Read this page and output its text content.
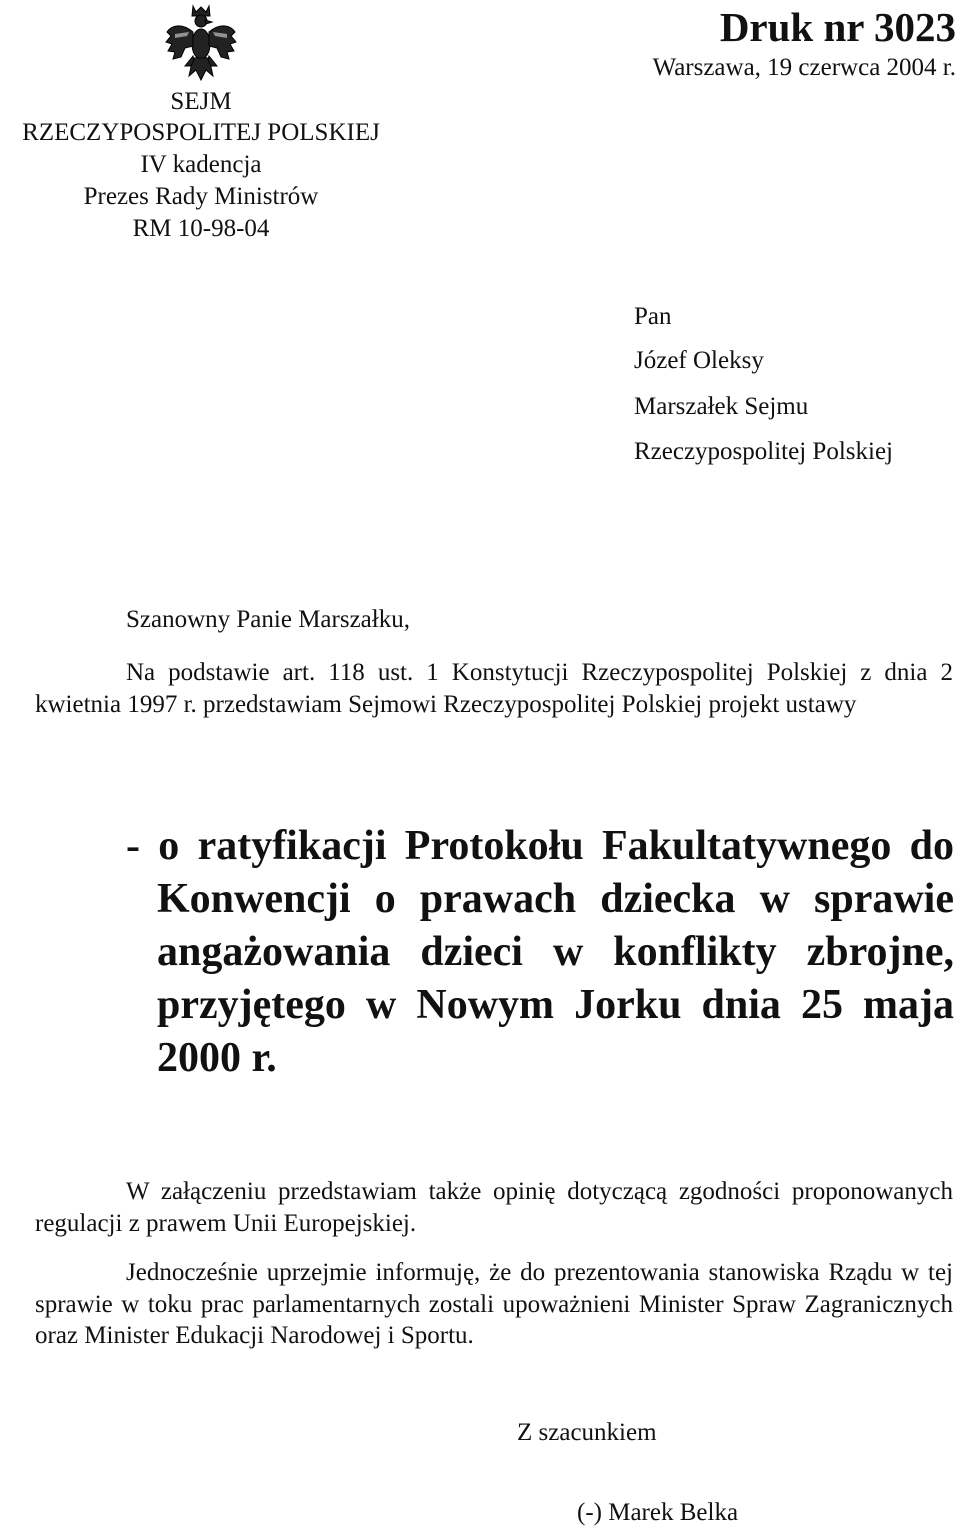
SEJM
RZECZYPOSPOLITEJ POLSKIEJ
IV kadencja
Prezes Rady Ministrów
RM 10-98-04
Druk nr 3023
Warszawa, 19 czerwca 2004 r.
Pan
Józef Oleksy
Marszałek Sejmu
Rzeczypospolitej Polskiej
Szanowny Panie Marszałku,
Na podstawie art. 118 ust. 1 Konstytucji Rzeczypospolitej Polskiej z dnia 2 kwietnia 1997 r. przedstawiam Sejmowi Rzeczypospolitej Polskiej projekt ustawy
- o ratyfikacji Protokołu Fakultatywnego do Konwencji o prawach dziecka w sprawie angażowania dzieci w konflikty zbrojne, przyjętego w Nowym Jorku dnia 25 maja 2000 r.
W załączeniu przedstawiam także opinię dotyczącą zgodności proponowanych regulacji z prawem Unii Europejskiej.
Jednocześnie uprzejmie informuję, że do prezentowania stanowiska Rządu w tej sprawie w toku prac parlamentarnych zostali upoważnieni Minister Spraw Zagranicznych oraz Minister Edukacji Narodowej i Sportu.
Z szacunkiem
(-) Marek Belka
